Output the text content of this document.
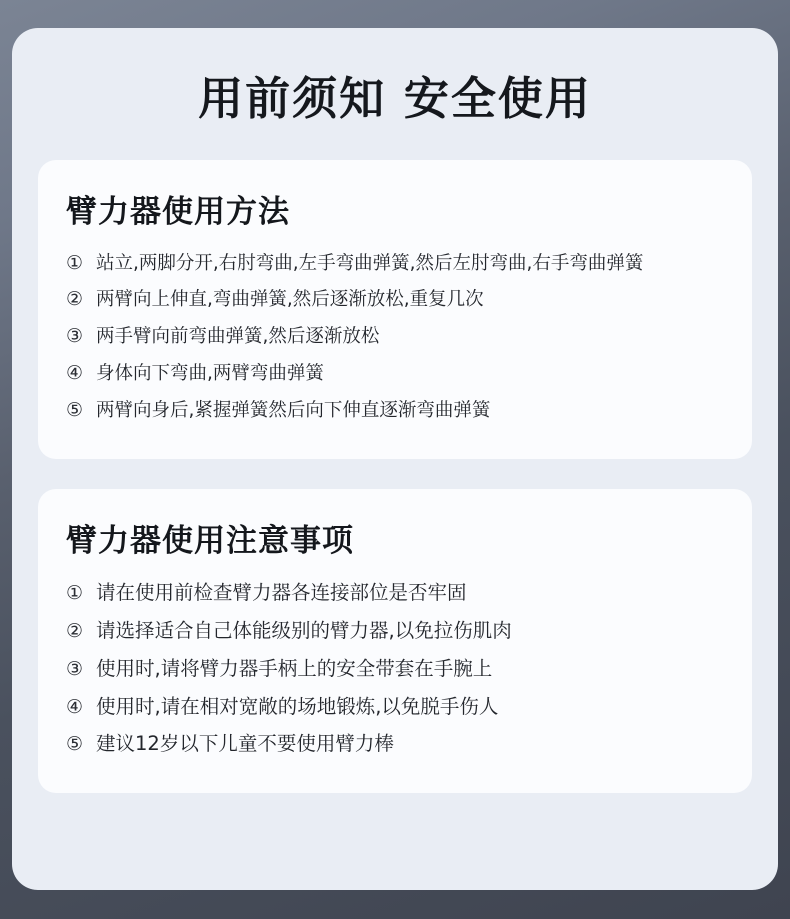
用前须知 安全使用
臂力器使用方法
① 站立,两脚分开,右肘弯曲,左手弯曲弹簧,然后左肘弯曲,右手弯曲弹簧
② 两臂向上伸直,弯曲弹簧,然后逐渐放松,重复几次
③ 两手臂向前弯曲弹簧,然后逐渐放松
④ 身体向下弯曲,两臂弯曲弹簧
⑤ 两臂向身后,紧握弹簧然后向下伸直逐渐弯曲弹簧
臂力器使用注意事项
① 请在使用前检查臂力器各连接部位是否牢固
② 请选择适合自己体能级别的臂力器,以免拉伤肌肉
③ 使用时,请将臂力器手柄上的安全带套在手腕上
④ 使用时,请在相对宽敞的场地锻炼,以免脱手伤人
⑤ 建议12岁以下儿童不要使用臂力棒
